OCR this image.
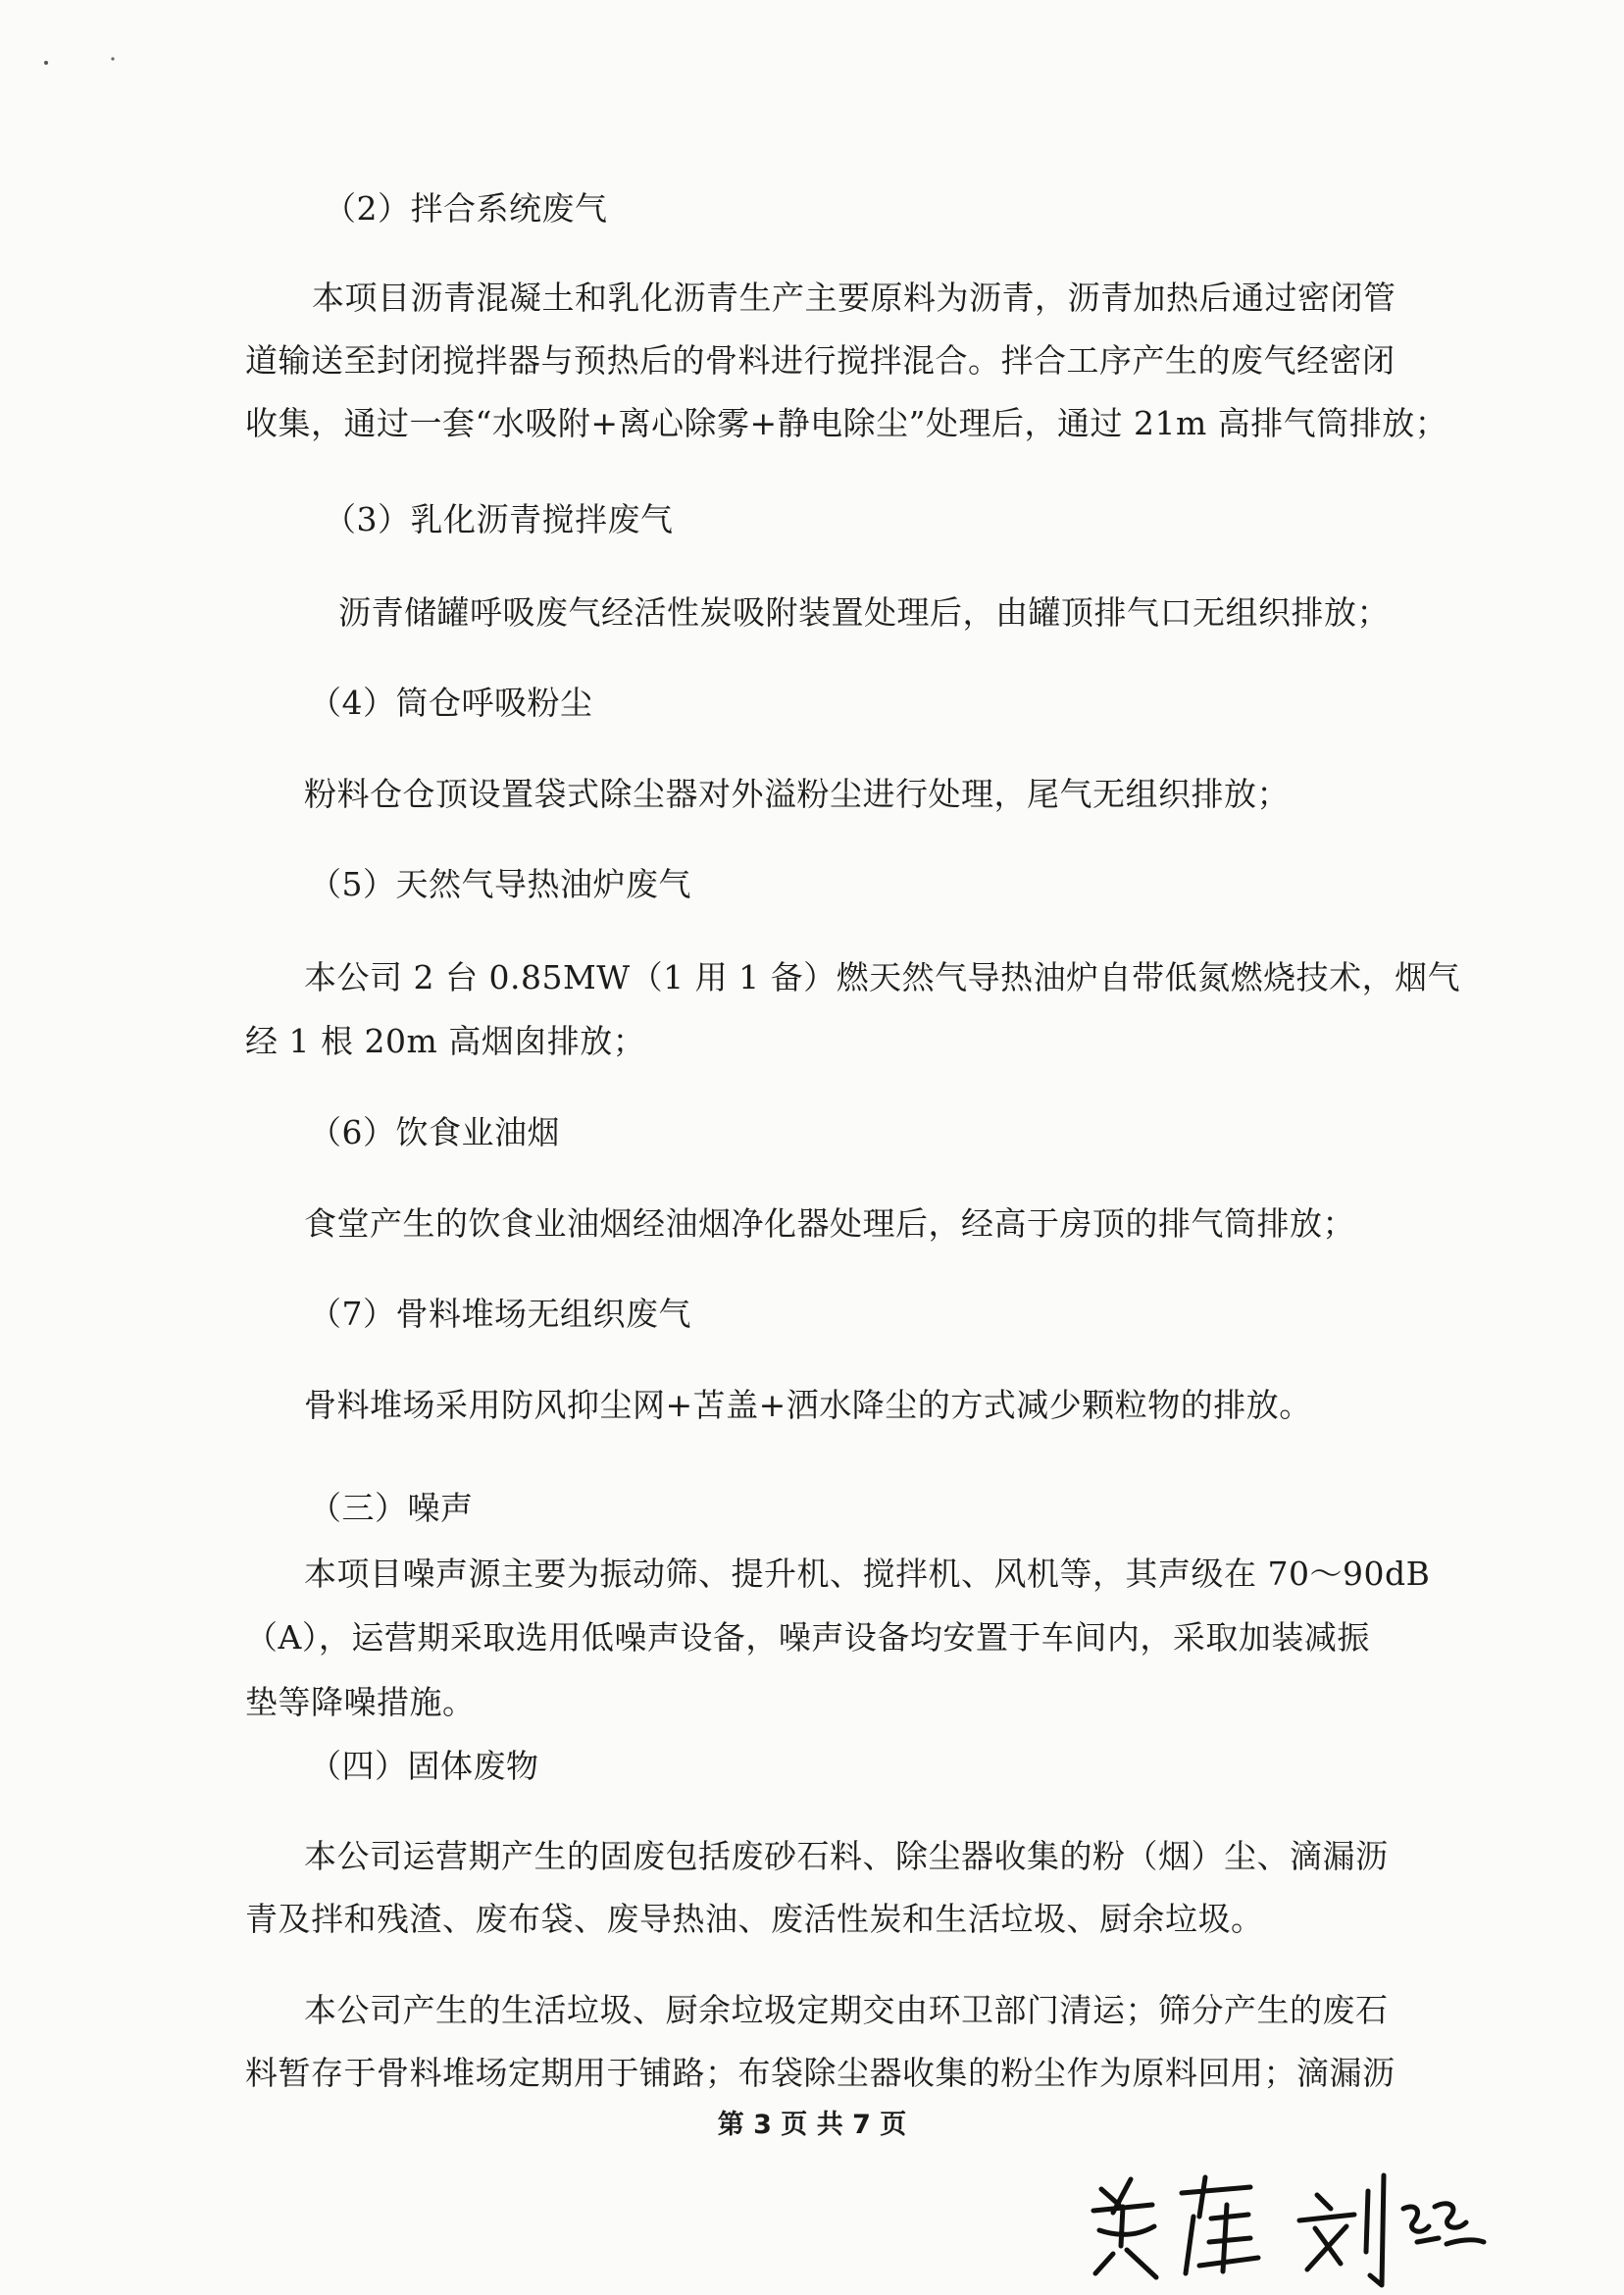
（2）拌合系统废气
本项目沥青混凝土和乳化沥青生产主要原料为沥青，沥青加热后通过密闭管
道输送至封闭搅拌器与预热后的骨料进行搅拌混合。拌合工序产生的废气经密闭
收集，通过一套“水吸附+离心除雾+静电除尘”处理后，通过 21m 高排气筒排放；
（3）乳化沥青搅拌废气
沥青储罐呼吸废气经活性炭吸附装置处理后，由罐顶排气口无组织排放；
（4）筒仓呼吸粉尘
粉料仓仓顶设置袋式除尘器对外溢粉尘进行处理，尾气无组织排放；
（5）天然气导热油炉废气
本公司 2 台 0.85MW（1 用 1 备）燃天然气导热油炉自带低氮燃烧技术，烟气
经 1 根 20m 高烟囱排放；
（6）饮食业油烟
食堂产生的饮食业油烟经油烟净化器处理后，经高于房顶的排气筒排放；
（7）骨料堆场无组织废气
骨料堆场采用防风抑尘网+苫盖+洒水降尘的方式减少颗粒物的排放。
（三）噪声
本项目噪声源主要为振动筛、提升机、搅拌机、风机等，其声级在 70～90dB
（A），运营期采取选用低噪声设备，噪声设备均安置于车间内，采取加装减振
垫等降噪措施。
（四）固体废物
本公司运营期产生的固废包括废砂石料、除尘器收集的粉（烟）尘、滴漏沥
青及拌和残渣、废布袋、废导热油、废活性炭和生活垃圾、厨余垃圾。
本公司产生的生活垃圾、厨余垃圾定期交由环卫部门清运；筛分产生的废石
料暂存于骨料堆场定期用于铺路；布袋除尘器收集的粉尘作为原料回用；滴漏沥
第 3 页 共 7 页
